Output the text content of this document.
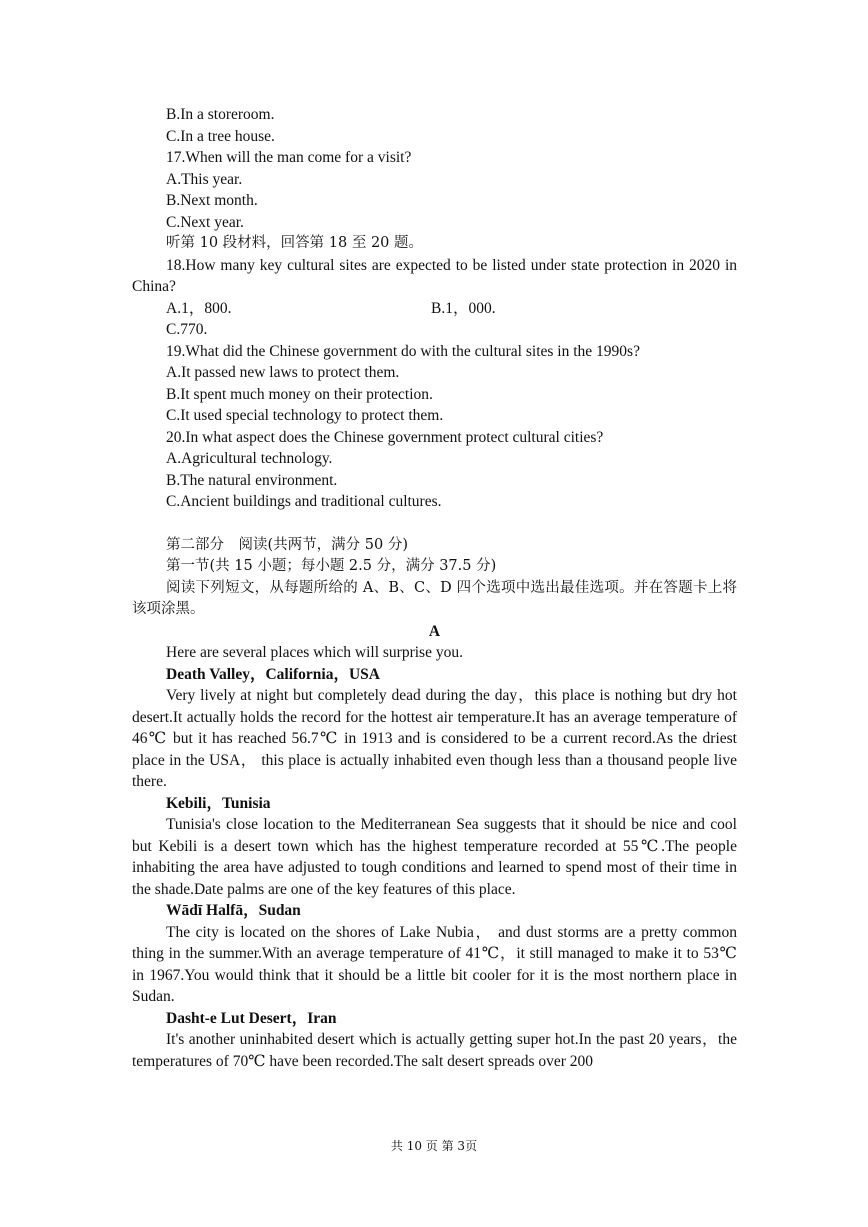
B.In a storeroom.
C.In a tree house.
17.When will the man come for a visit?
A.This year.
B.Next month.
C.Next year.
听第 10 段材料，回答第 18 至 20 题。
18.How many key cultural sites are expected to be listed under state protection in 2020 in China?
A.1，800.	B.1，000.
C.770.
19.What did the Chinese government do with the cultural sites in the 1990s?
A.It passed new laws to protect them.
B.It spent much money on their protection.
C.It used special technology to protect them.
20.In what aspect does the Chinese government protect cultural cities?
A.Agricultural technology.
B.The natural environment.
C.Ancient buildings and traditional cultures.
第二部分　阅读(共两节，满分 50 分)
第一节(共 15 小题；每小题 2.5 分，满分 37.5 分)
阅读下列短文，从每题所给的 A、B、C、D 四个选项中选出最佳选项。并在答题卡上将该项涂黑。
A
Here are several places which will surprise you.
Death Valley，California，USA
Very lively at night but completely dead during the day，this place is nothing but dry hot desert.It actually holds the record for the hottest air temperature.It has an average temperature of 46℃ but it has reached 56.7℃ in 1913 and is considered to be a current record.As the driest place in the USA， this place is actually inhabited even though less than a thousand people live there.
Kebili，Tunisia
Tunisia's close location to the Mediterranean Sea suggests that it should be nice and cool but Kebili is a desert town which has the highest temperature recorded at 55℃.The people inhabiting the area have adjusted to tough conditions and learned to spend most of their time in the shade.Date palms are one of the key features of this place.
Wādī Halfā，Sudan
The city is located on the shores of Lake Nubia， and dust storms are a pretty common thing in the summer.With an average temperature of 41℃，it still managed to make it to 53℃ in 1967.You would think that it should be a little bit cooler for it is the most northern place in Sudan.
Dasht-e Lut Desert，Iran
It's another uninhabited desert which is actually getting super hot.In the past 20 years，the temperatures of 70℃ have been recorded.The salt desert spreads over 200
共 10 页 第 3页
